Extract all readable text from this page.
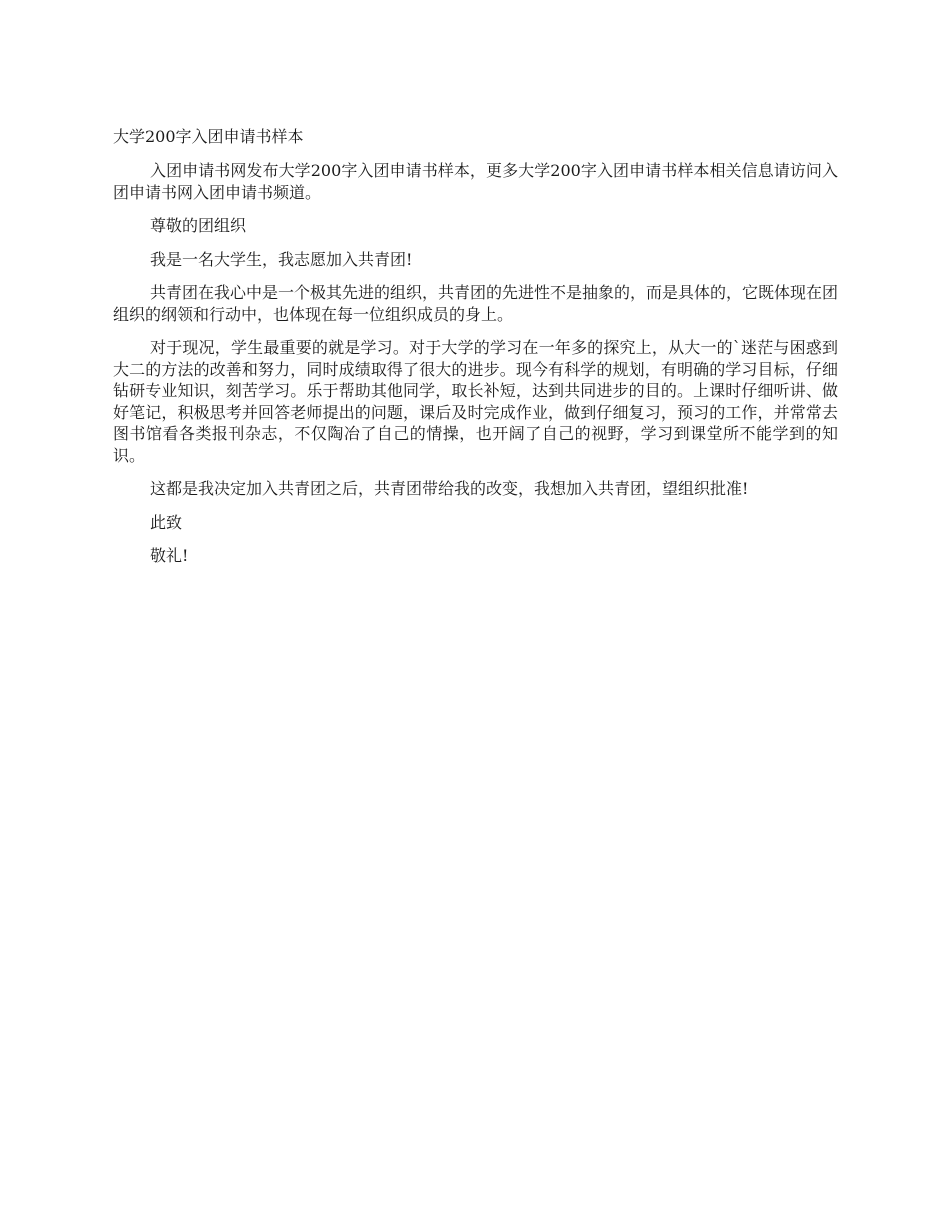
大学200字入团申请书样本

入团申请书网发布大学200字入团申请书样本，更多大学200字入团申请书样本相关信息请访问入团申请书网入团申请书频道。

尊敬的团组织

我是一名大学生，我志愿加入共青团!

共青团在我心中是一个极其先进的组织，共青团的先进性不是抽象的，而是具体的，它既体现在团组织的纲领和行动中，也体现在每一位组织成员的身上。

对于现况，学生最重要的就是学习。对于大学的学习在一年多的探究上，从大一的`迷茫与困惑到大二的方法的改善和努力，同时成绩取得了很大的进步。现今有科学的规划，有明确的学习目标，仔细钻研专业知识，刻苦学习。乐于帮助其他同学，取长补短，达到共同进步的目的。上课时仔细听讲、做好笔记，积极思考并回答老师提出的问题，课后及时完成作业，做到仔细复习，预习的工作，并常常去图书馆看各类报刊杂志，不仅陶冶了自己的情操，也开阔了自己的视野，学习到课堂所不能学到的知识。

这都是我决定加入共青团之后，共青团带给我的改变，我想加入共青团，望组织批准!

此致

敬礼!
